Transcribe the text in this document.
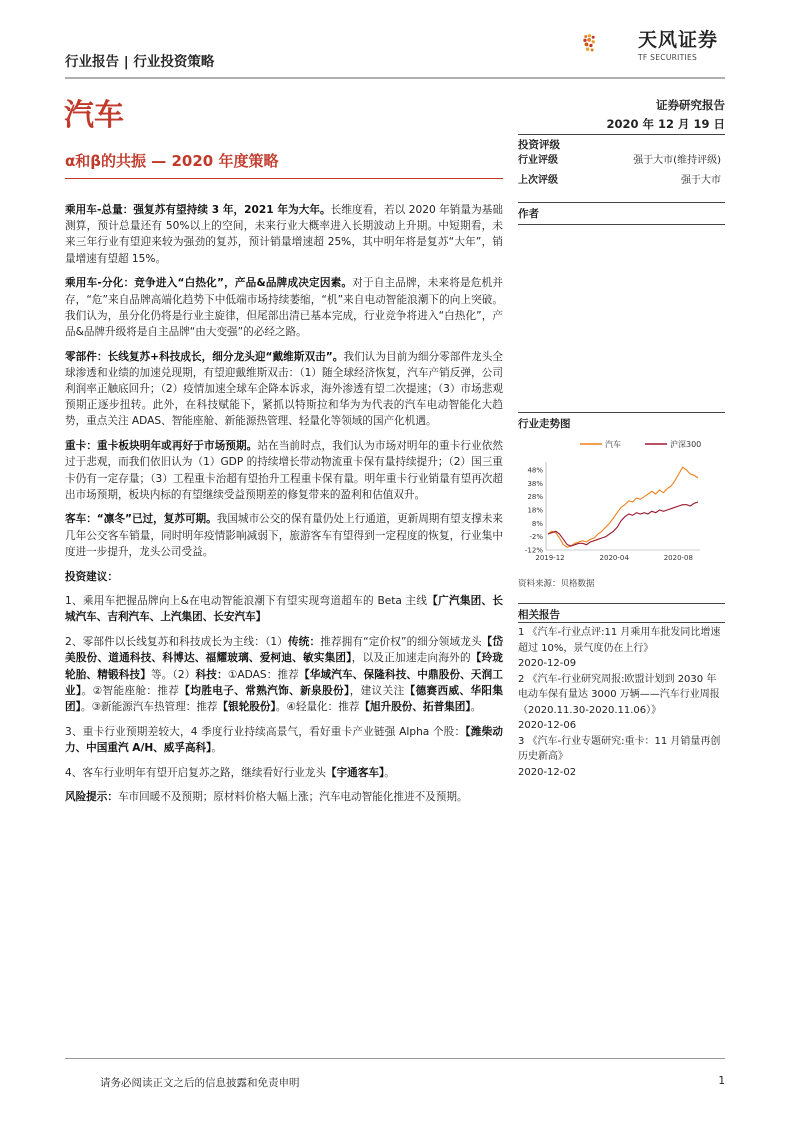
行业报告 | 行业投资策略
天风证券
TF SECURITIES
汽车	证券研究报告
2020 年 12 月 19 日
α和β的共振 — 2020 年度策略

乘用车-总量：强复苏有望持续 3 年，2021 年为大年。长维度看，若以 2020 年销量为基础测算，预计总量还有 50%以上的空间，未来行业大概率进入长期波动上升期。中短期看，未来三年行业有望迎来较为强劲的复苏，预计销量增速超 25%，其中明年将是复苏“大年”，销量增速有望超 15%。

乘用车-分化：竞争进入“白热化”，产品&品牌成决定因素。对于自主品牌，未来将是危机并存，“危”来自品牌高端化趋势下中低端市场持续萎缩，“机”来自电动智能浪潮下的向上突破。我们认为，虽分化仍将是行业主旋律，但尾部出清已基本完成，行业竞争将进入“白热化”，产品&品牌升级将是自主品牌“由大变强”的必经之路。

零部件：长线复苏+科技成长，细分龙头迎“戴维斯双击”。我们认为目前为细分零部件龙头全球渗透和业绩的加速兑现期，有望迎戴维斯双击：（1）随全球经济恢复，汽车产销反弹，公司利润率正触底回升；（2）疫情加速全球车企降本诉求，海外渗透有望二次提速；（3）市场悲观预期正逐步扭转。此外，在科技赋能下，紧抓以特斯拉和华为为代表的汽车电动智能化大趋势，重点关注 ADAS、智能座舱、新能源热管理、轻量化等领域的国产化机遇。

重卡：重卡板块明年或再好于市场预期。站在当前时点，我们认为市场对明年的重卡行业依然过于悲观，而我们依旧认为（1）GDP 的持续增长带动物流重卡保有量持续提升；（2）国三重卡仍有一定存量；（3）工程重卡治超有望抬升工程重卡保有量。明年重卡行业销量有望再次超出市场预期，板块内标的有望继续受益预期差的修复带来的盈利和估值双升。

客车：“凛冬”已过，复苏可期。我国城市公交的保有量仍处上行通道，更新周期有望支撑未来几年公交客车销量，同时明年疫情影响减弱下，旅游客车有望得到一定程度的恢复，行业集中度进一步提升，龙头公司受益。

投资建议：

1、乘用车把握品牌向上&在电动智能浪潮下有望实现弯道超车的 Beta 主线【广汽集团、长城汽车、吉利汽车、上汽集团、长安汽车】

2、零部件以长线复苏和科技成长为主线：（1）传统：推荐拥有“定价权”的细分领域龙头【岱美股份、道通科技、科博达、福耀玻璃、爱柯迪、敏实集团】，以及正加速走向海外的【玲珑轮胎、精锻科技】等。（2）科技：①ADAS：推荐【华域汽车、保隆科技、中鼎股份、天润工业】。②智能座舱：推荐【均胜电子、常熟汽饰、新泉股份】，建议关注【德赛西威、华阳集团】。③新能源汽车热管理：推荐【银轮股份】。④轻量化：推荐【旭升股份、拓普集团】。

3、重卡行业预期差较大，4 季度行业持续高景气，看好重卡产业链强 Alpha 个股：【潍柴动力、中国重汽 A/H、威孚高科】。

4、客车行业明年有望开启复苏之路，继续看好行业龙头【宇通客车】。

风险提示：车市回暖不及预期；原材料价格大幅上涨；汽车电动智能化推进不及预期。

投资评级
行业评级	强于大市(维持评级)
上次评级	强于大市
作者
行业走势图
汽车	沪深300
48%
38%
28%
18%
8%
-2%
-12%
2019-12	2020-04	2020-08
资料来源：贝格数据
相关报告
1 《汽车-行业点评:11 月乘用车批发同比增速超过 10%，景气度仍在上行》
2020-12-09
2 《汽车-行业研究周报:欧盟计划到 2030 年电动车保有量达 3000 万辆——汽车行业周报（2020.11.30-2020.11.06）》
2020-12-06
3 《汽车-行业专题研究:重卡：11 月销量再创历史新高》
2020-12-02
请务必阅读正文之后的信息披露和免责申明	1
